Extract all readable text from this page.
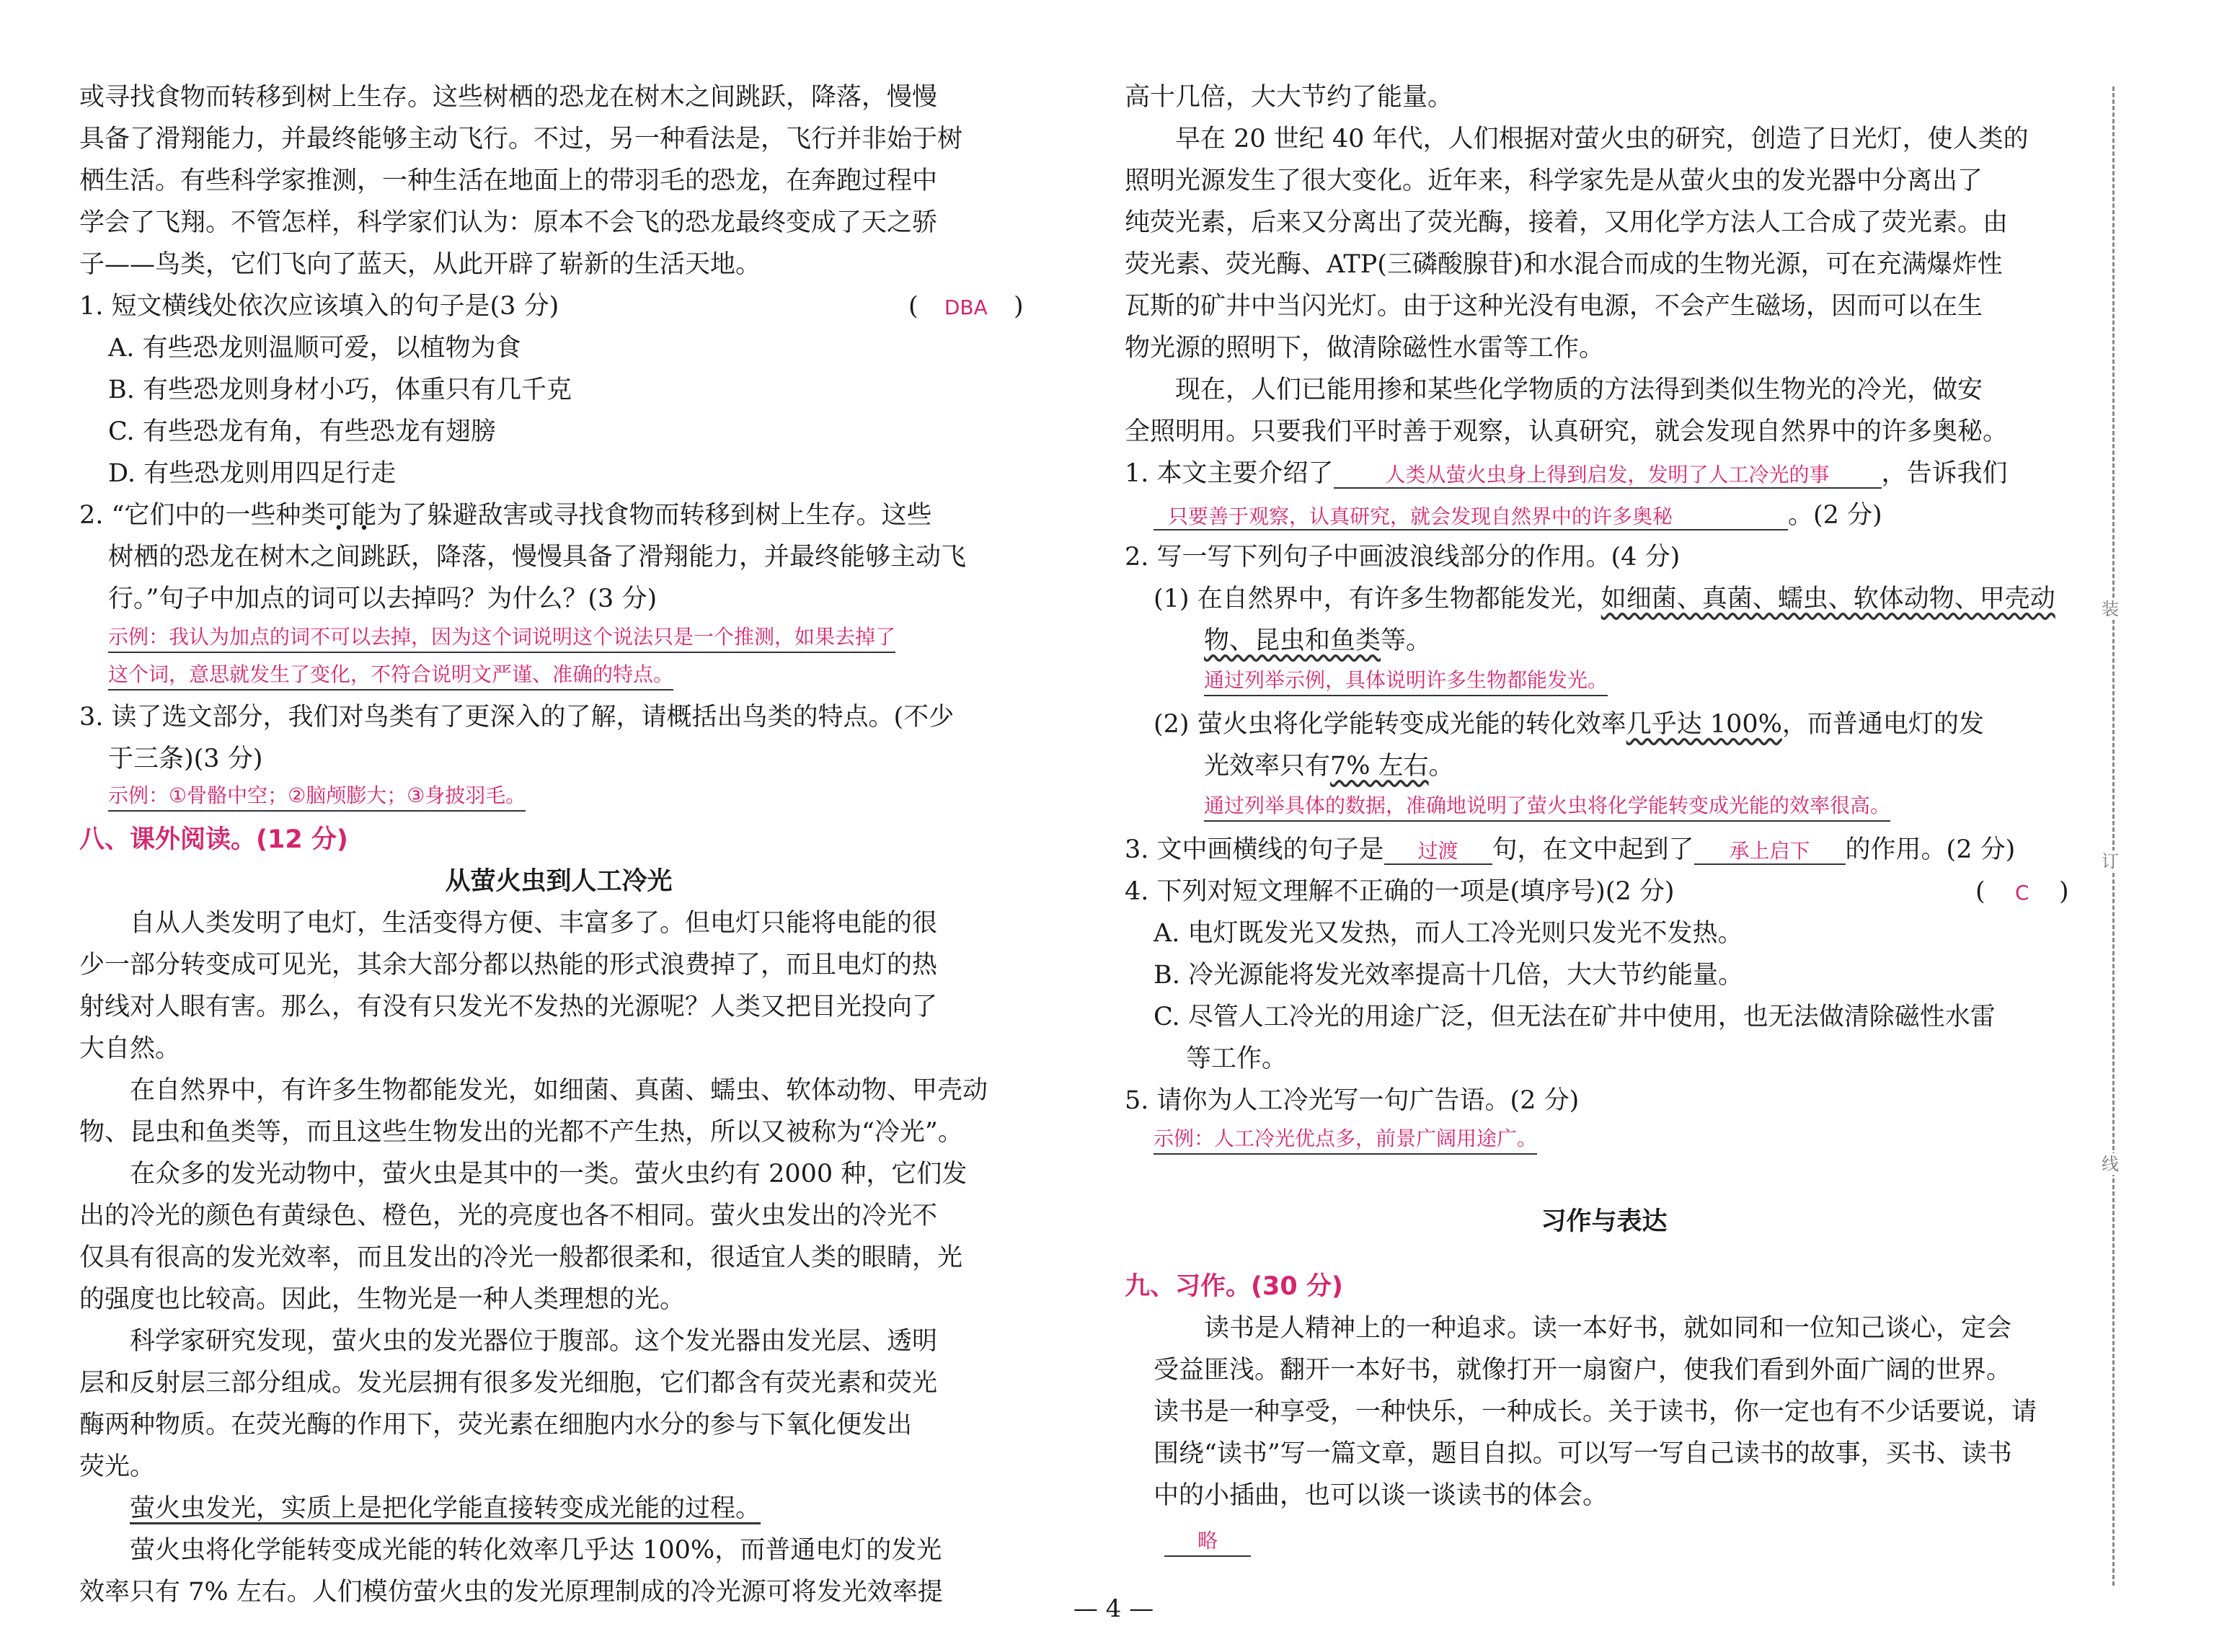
或寻找食物而转移到树上生存。这些树栖的恐龙在树木之间跳跃，降落，慢慢
具备了滑翔能力，并最终能够主动飞行。不过，另一种看法是，飞行并非始于树
栖生活。有些科学家推测，一种生活在地面上的带羽毛的恐龙，在奔跑过程中
学会了飞翔。不管怎样，科学家们认为：原本不会飞的恐龙最终变成了天之骄
子——鸟类，它们飞向了蓝天，从此开辟了崭新的生活天地。
1. 短文横线处依次应该填入的句子是(3 分)	( DBA )
A. 有些恐龙则温顺可爱，以植物为食
B. 有些恐龙则身材小巧，体重只有几千克
C. 有些恐龙有角，有些恐龙有翅膀
D. 有些恐龙则用四足行走
2. “它们中的一些种类可能为了躲避敌害或寻找食物而转移到树上生存。这些
树栖的恐龙在树木之间跳跃，降落，慢慢具备了滑翔能力，并最终能够主动飞
行。”句子中加点的词可以去掉吗？为什么？(3 分)
示例：我认为加点的词不可以去掉，因为这个词说明这个说法只是一个推测，如果去掉了
这个词，意思就发生了变化，不符合说明文严谨、准确的特点。
3. 读了选文部分，我们对鸟类有了更深入的了解，请概括出鸟类的特点。(不少
于三条)(3 分)
示例：①骨骼中空；②脑颅膨大；③身披羽毛。
八、课外阅读。(12 分)
从萤火虫到人工冷光
自从人类发明了电灯，生活变得方便、丰富多了。但电灯只能将电能的很
少一部分转变成可见光，其余大部分都以热能的形式浪费掉了，而且电灯的热
射线对人眼有害。那么，有没有只发光不发热的光源呢？人类又把目光投向了
大自然。
在自然界中，有许多生物都能发光，如细菌、真菌、蠕虫、软体动物、甲壳动
物、昆虫和鱼类等，而且这些生物发出的光都不产生热，所以又被称为“冷光”。
在众多的发光动物中，萤火虫是其中的一类。萤火虫约有 2000 种，它们发
出的冷光的颜色有黄绿色、橙色，光的亮度也各不相同。萤火虫发出的冷光不
仅具有很高的发光效率，而且发出的冷光一般都很柔和，很适宜人类的眼睛，光
的强度也比较高。因此，生物光是一种人类理想的光。
科学家研究发现，萤火虫的发光器位于腹部。这个发光器由发光层、透明
层和反射层三部分组成。发光层拥有很多发光细胞，它们都含有荧光素和荧光
酶两种物质。在荧光酶的作用下，荧光素在细胞内水分的参与下氧化便发出
荧光。
萤火虫发光，实质上是把化学能直接转变成光能的过程。
萤火虫将化学能转变成光能的转化效率几乎达 100%，而普通电灯的发光
效率只有 7% 左右。人们模仿萤火虫的发光原理制成的冷光源可将发光效率提
高十几倍，大大节约了能量。
早在 20 世纪 40 年代，人们根据对萤火虫的研究，创造了日光灯，使人类的
照明光源发生了很大变化。近年来，科学家先是从萤火虫的发光器中分离出了
纯荧光素，后来又分离出了荧光酶，接着，又用化学方法人工合成了荧光素。由
荧光素、荧光酶、ATP(三磷酸腺苷)和水混合而成的生物光源，可在充满爆炸性
瓦斯的矿井中当闪光灯。由于这种光没有电源，不会产生磁场，因而可以在生
物光源的照明下，做清除磁性水雷等工作。
现在，人们已能用掺和某些化学物质的方法得到类似生物光的冷光，做安
全照明用。只要我们平时善于观察，认真研究，就会发现自然界中的许多奥秘。
1. 本文主要介绍了	人类从萤火虫身上得到启发，发明了人工冷光的事 ，告诉我们
只要善于观察，认真研究，就会发现自然界中的许多奥秘	。(2 分)
2. 写一写下列句子中画波浪线部分的作用。(4 分)
(1) 在自然界中，有许多生物都能发光，如细菌、真菌、蠕虫、软体动物、甲壳动
物、昆虫和鱼类等。
通过列举示例，具体说明许多生物都能发光。
(2) 萤火虫将化学能转变成光能的转化效率几乎达 100%，而普通电灯的发
光效率只有7% 左右。
通过列举具体的数据，准确地说明了萤火虫将化学能转变成光能的效率很高。
3. 文中画横线的句子是 过渡 句，在文中起到了 承上启下 的作用。(2 分)
4. 下列对短文理解不正确的一项是(填序号)(2 分)	( C )
A. 电灯既发光又发热，而人工冷光则只发光不发热。
B. 冷光源能将发光效率提高十几倍，大大节约能量。
C. 尽管人工冷光的用途广泛，但无法在矿井中使用，也无法做清除磁性水雷
等工作。
5. 请你为人工冷光写一句广告语。(2 分)
示例：人工冷光优点多，前景广阔用途广。
习作与表达
九、习作。(30 分)
读书是人精神上的一种追求。读一本好书，就如同和一位知己谈心，定会
受益匪浅。翻开一本好书，就像打开一扇窗户，使我们看到外面广阔的世界。
读书是一种享受，一种快乐，一种成长。关于读书，你一定也有不少话要说，请
围绕“读书”写一篇文章，题目自拟。可以写一写自己读书的故事，买书、读书
中的小插曲，也可以谈一谈读书的体会。
略
装
订
线
— 4 —
